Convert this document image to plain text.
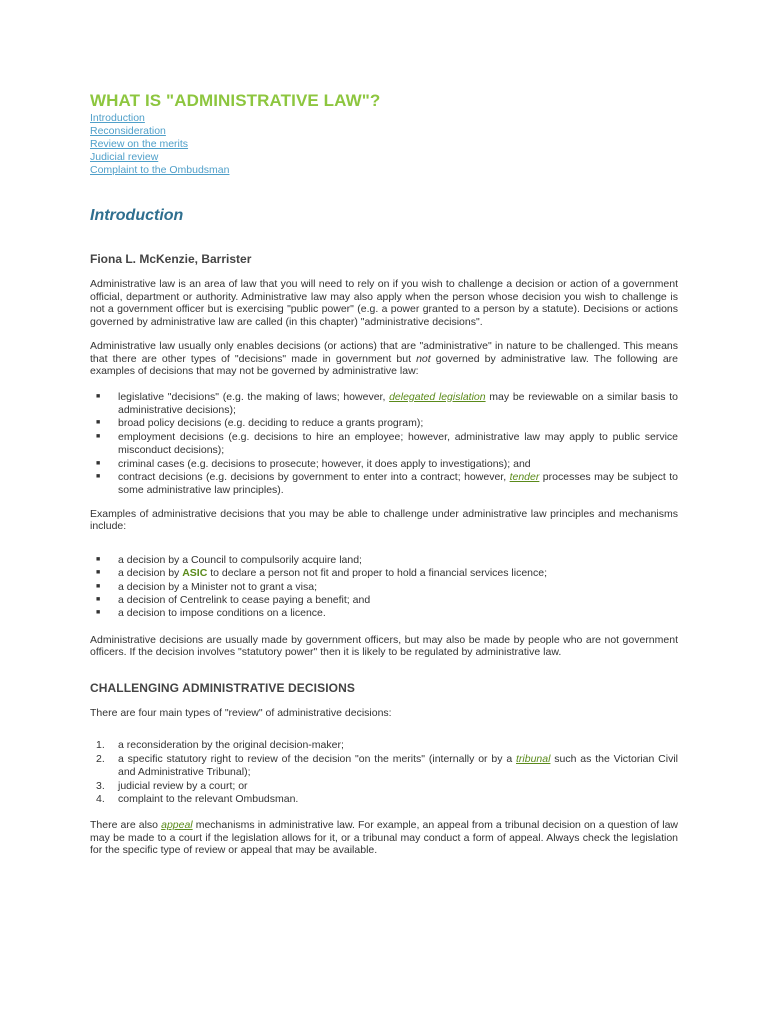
WHAT IS "ADMINISTRATIVE LAW"?
Introduction
Reconsideration
Review on the merits
Judicial review
Complaint to the Ombudsman
Introduction
Fiona L. McKenzie, Barrister

Administrative law is an area of law that you will need to rely on if you wish to challenge a decision or action of a government official, department or authority. Administrative law may also apply when the person whose decision you wish to challenge is not a government officer but is exercising "public power" (e.g. a power granted to a person by a statute). Decisions or actions governed by administrative law are called (in this chapter) "administrative decisions".

Administrative law usually only enables decisions (or actions) that are "administrative" in nature to be challenged. This means that there are other types of "decisions" made in government but not governed by administrative law. The following are examples of decisions that may not be governed by administrative law:

■ legislative "decisions" (e.g. the making of laws; however, delegated legislation may be reviewable on a similar basis to administrative decisions);
■ broad policy decisions (e.g. deciding to reduce a grants program);
■ employment decisions (e.g. decisions to hire an employee; however, administrative law may apply to public service misconduct decisions);
■ criminal cases (e.g. decisions to prosecute; however, it does apply to investigations); and
■ contract decisions (e.g. decisions by government to enter into a contract; however, tender processes may be subject to some administrative law principles).

Examples of administrative decisions that you may be able to challenge under administrative law principles and mechanisms include:

■ a decision by a Council to compulsorily acquire land;
■ a decision by ASIC to declare a person not fit and proper to hold a financial services licence;
■ a decision by a Minister not to grant a visa;
■ a decision of Centrelink to cease paying a benefit; and
■ a decision to impose conditions on a licence.

Administrative decisions are usually made by government officers, but may also be made by people who are not government officers. If the decision involves "statutory power" then it is likely to be regulated by administrative law.

CHALLENGING ADMINISTRATIVE DECISIONS

There are four main types of "review" of administrative decisions:

1. a reconsideration by the original decision-maker;
2. a specific statutory right to review of the decision "on the merits" (internally or by a tribunal such as the Victorian Civil and Administrative Tribunal);
3. judicial review by a court; or
4. complaint to the relevant Ombudsman.

There are also appeal mechanisms in administrative law. For example, an appeal from a tribunal decision on a question of law may be made to a court if the legislation allows for it, or a tribunal may conduct a form of appeal. Always check the legislation for the specific type of review or appeal that may be available.
